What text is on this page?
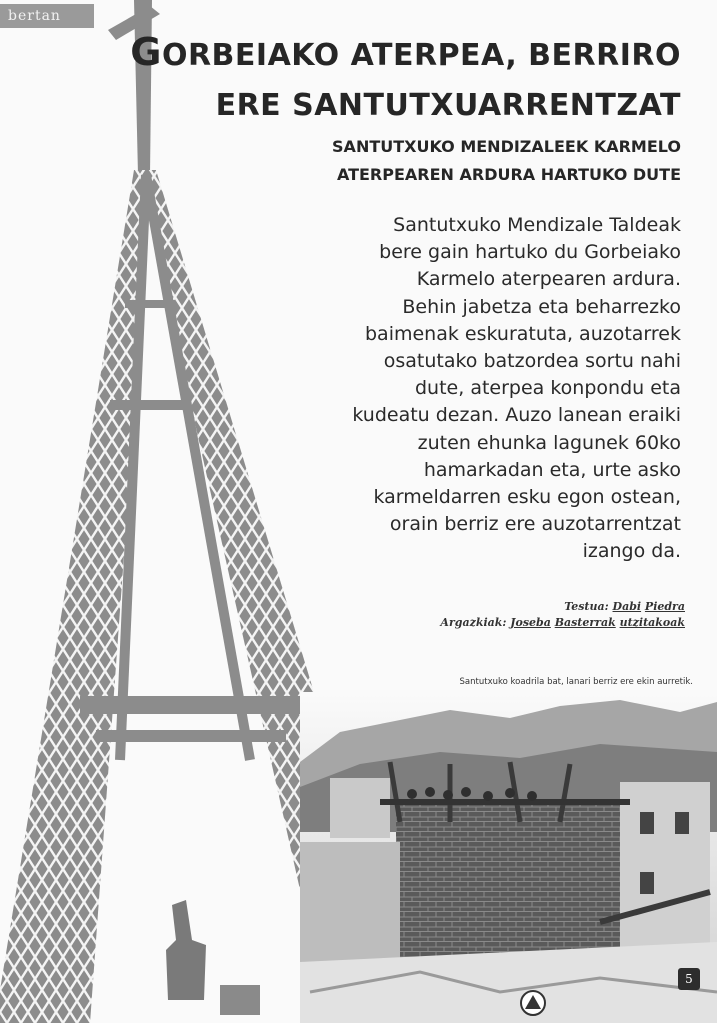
bertan
GORBEIAKO ATERPEA, BERRIRO
ERE SANTUTXUARRENTZAT
SANTUTXUKO MENDIZALEEK KARMELO
ATERPEAREN ARDURA HARTUKO DUTE
Santutxuko Mendizale Taldeak
bere gain hartuko du Gorbeiako
Karmelo aterpearen ardura.
Behin jabetza eta beharrezko
baimenak eskuratuta, auzotarrek
osatutako batzordea sortu nahi
dute, aterpea konpondu eta
kudeatu dezan. Auzo lanean eraiki
zuten ehunka lagunek 60ko
hamarkadan eta, urte asko
karmeldarren esku egon ostean,
orain berriz ere auzotarrentzat
izango da.
Testua: Dabi Piedra
Argazkiak: Joseba Basterrak utzitakoak
Santutxuko koadrila bat, lanari berriz ere ekin aurretik.
5
